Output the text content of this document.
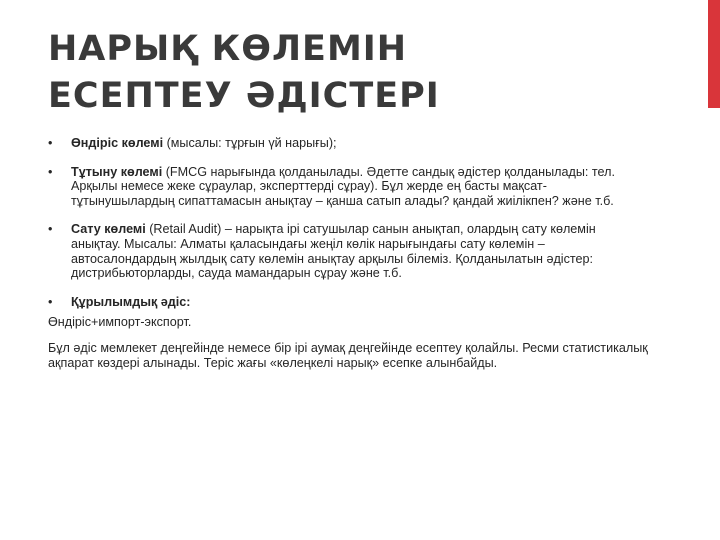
НАРЫҚ КӨЛЕМІН
ЕСЕПТЕУ ӘДІСТЕРІ
• Өндіріс көлемі (мысалы: тұрғын үй нарығы);
• Тұтыну көлемі (FMCG нарығында қолданылады. Әдетте сандық әдістер қолданылады: тел. Арқылы немесе жеке сұраулар, эксперттерді сұрау). Бұл жерде ең басты мақсат- тұтынушылардың сипаттамасын анықтау – қанша сатып алады? қандай жиілікпен? және т.б.
• Сату көлемі (Retail Audit) – нарықта ірі сатушылар санын анықтап, олардың сату көлемін анықтау. Мысалы: Алматы қаласындағы жеңіл көлік нарығындағы сату көлемін – автосалондардың жылдық сату көлемін анықтау арқылы білеміз. Қолданылатын әдістер: дистрибьюторларды, сауда мамандарын сұрау және т.б.
• Құрылымдық әдіс:

Өндіріс+импорт-экспорт.

Бұл әдіс мемлекет деңгейінде немесе бір ірі аумақ деңгейінде есептеу қолайлы. Ресми статистикалық ақпарат көздері алынады. Теріс жағы «көлеңкелі нарық» есепке алынбайды.
